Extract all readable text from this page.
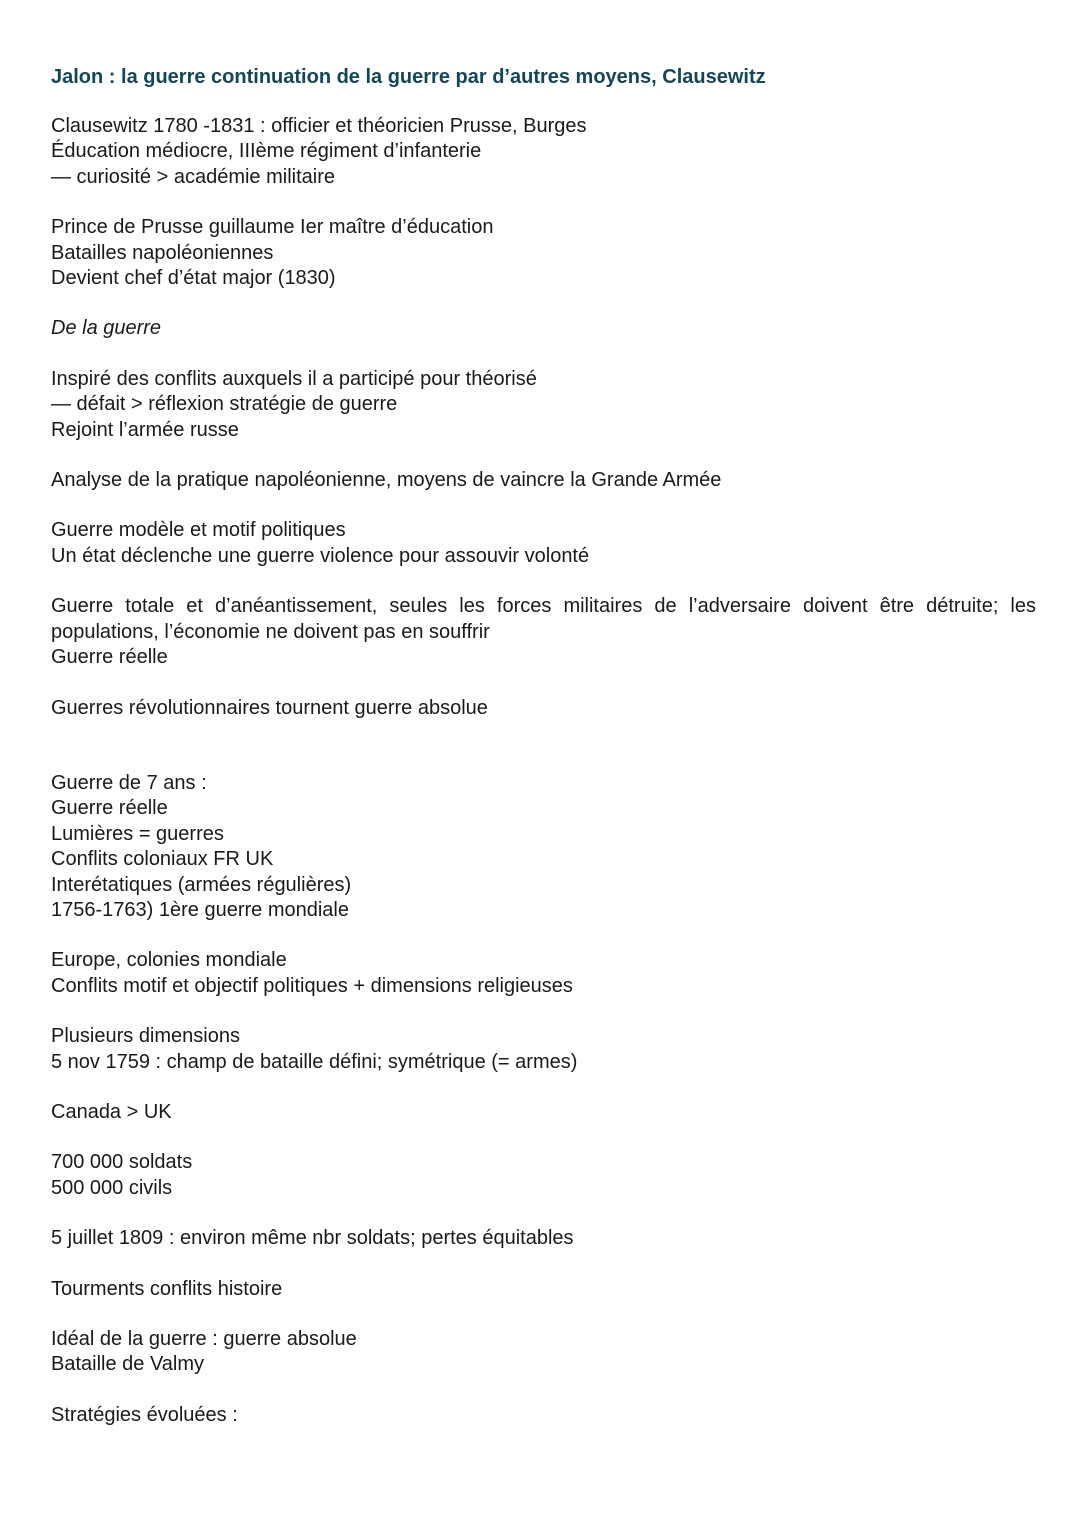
Jalon : la guerre continuation de la guerre par d’autres moyens, Clausewitz
Clausewitz 1780 -1831 : officier et théoricien Prusse, Burges
Éducation médiocre, IIIème régiment d’infanterie
— curiosité > académie militaire
Prince de Prusse guillaume Ier maître d’éducation
Batailles napoléoniennes
Devient chef d’état major (1830)
De la guerre
Inspiré des conflits auxquels il a participé pour théorisé
— défait > réflexion stratégie de guerre
Rejoint l’armée russe
Analyse de la pratique napoléonienne, moyens de vaincre la Grande Armée
Guerre modèle et motif politiques
Un état déclenche une guerre violence pour assouvir volonté
Guerre totale et d’anéantissement, seules les forces militaires de l’adversaire doivent être détruite; les populations, l’économie ne doivent pas en souffrir
Guerre réelle
Guerres révolutionnaires tournent guerre absolue
Guerre de 7 ans :
Guerre réelle
Lumières = guerres
Conflits coloniaux FR UK
Interétatiques (armées régulières)
1756-1763) 1ère guerre mondiale
Europe, colonies mondiale
Conflits motif et objectif politiques + dimensions religieuses
Plusieurs dimensions
5 nov 1759 : champ de bataille défini; symétrique (= armes)
Canada > UK
700 000 soldats
500 000 civils
5 juillet 1809 : environ même nbr soldats; pertes équitables
Tourments conflits histoire
Idéal de la guerre : guerre absolue
Bataille de Valmy
Stratégies évoluées :
